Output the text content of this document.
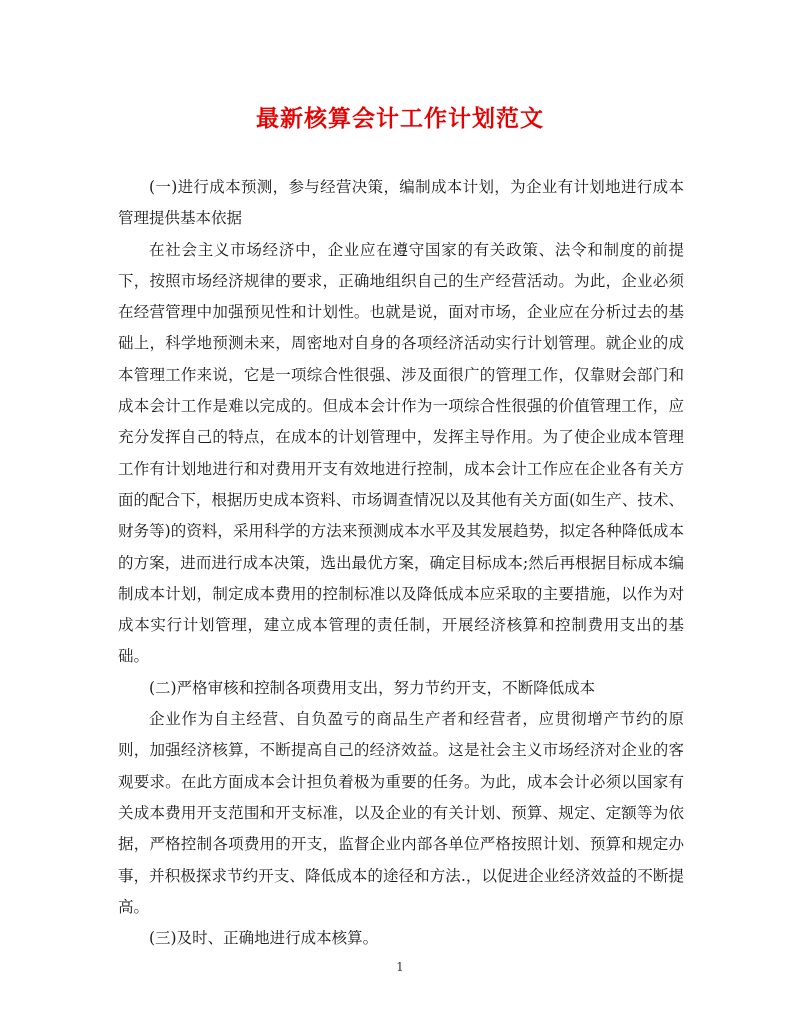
最新核算会计工作计划范文

(一)进行成本预测，参与经营决策，编制成本计划，为企业有计划地进行成本管理提供基本依据

在社会主义市场经济中，企业应在遵守国家的有关政策、法令和制度的前提下，按照市场经济规律的要求，正确地组织自己的生产经营活动。为此，企业必须在经营管理中加强预见性和计划性。也就是说，面对市场，企业应在分析过去的基础上，科学地预测未来，周密地对自身的各项经济活动实行计划管理。就企业的成本管理工作来说，它是一项综合性很强、涉及面很广的管理工作，仅靠财会部门和成本会计工作是难以完成的。但成本会计作为一项综合性很强的价值管理工作，应充分发挥自己的特点，在成本的计划管理中，发挥主导作用。为了使企业成本管理工作有计划地进行和对费用开支有效地进行控制，成本会计工作应在企业各有关方面的配合下，根据历史成本资料、市场调查情况以及其他有关方面(如生产、技术、财务等)的资料，采用科学的方法来预测成本水平及其发展趋势，拟定各种降低成本的方案，进而进行成本决策，选出最优方案，确定目标成本;然后再根据目标成本编制成本计划，制定成本费用的控制标准以及降低成本应采取的主要措施，以作为对成本实行计划管理，建立成本管理的责任制，开展经济核算和控制费用支出的基础。

(二)严格审核和控制各项费用支出，努力节约开支，不断降低成本

企业作为自主经营、自负盈亏的商品生产者和经营者，应贯彻增产节约的原则，加强经济核算，不断提高自己的经济效益。这是社会主义市场经济对企业的客观要求。在此方面成本会计担负着极为重要的任务。为此，成本会计必须以国家有关成本费用开支范围和开支标准，以及企业的有关计划、预算、规定、定额等为依据，严格控制各项费用的开支，监督企业内部各单位严格按照计划、预算和规定办事，并积极探求节约开支、降低成本的途径和方法.，以促进企业经济效益的不断提高。

(三)及时、正确地进行成本核算。

1
